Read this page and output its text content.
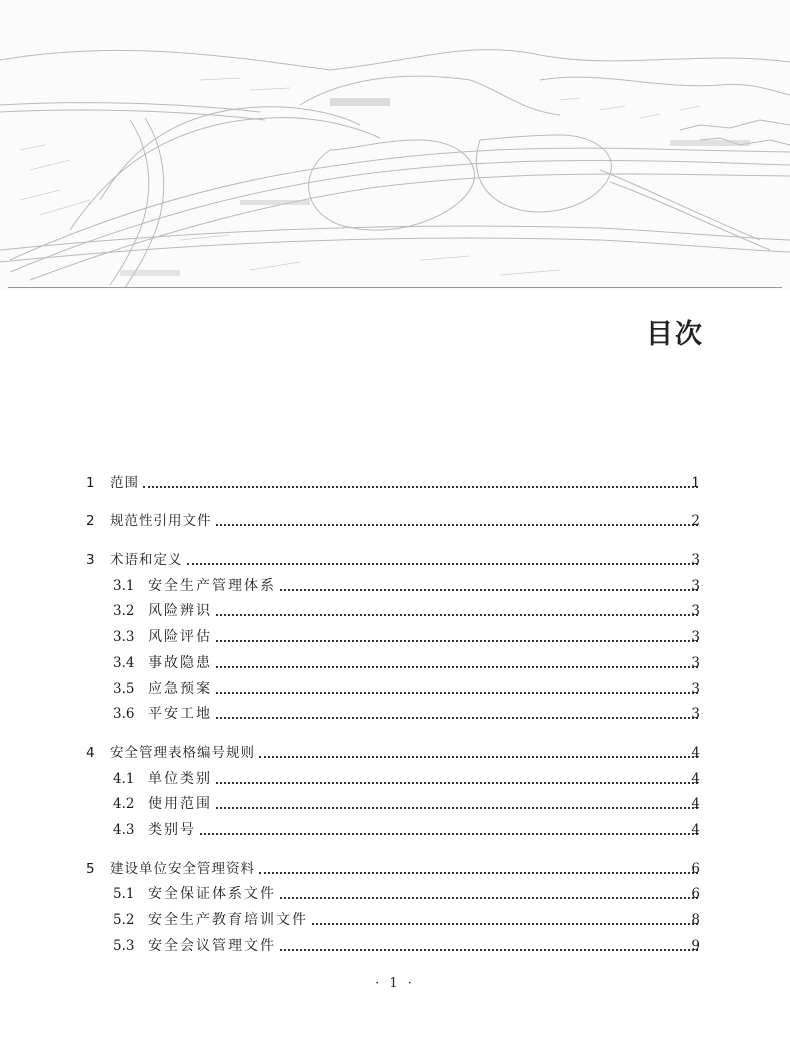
目次
1 范围	1
2 规范性引用文件	2
3 术语和定义	3
3.1 安全生产管理体系	3
3.2 风险辨识	3
3.3 风险评估	3
3.4 事故隐患	3
3.5 应急预案	3
3.6 平安工地	3
4 安全管理表格编号规则	4
4.1 单位类别	4
4.2 使用范围	4
4.3 类别号	4
5 建设单位安全管理资料	6
5.1 安全保证体系文件	6
5.2 安全生产教育培训文件	8
5.3 安全会议管理文件	9
· 1 ·
